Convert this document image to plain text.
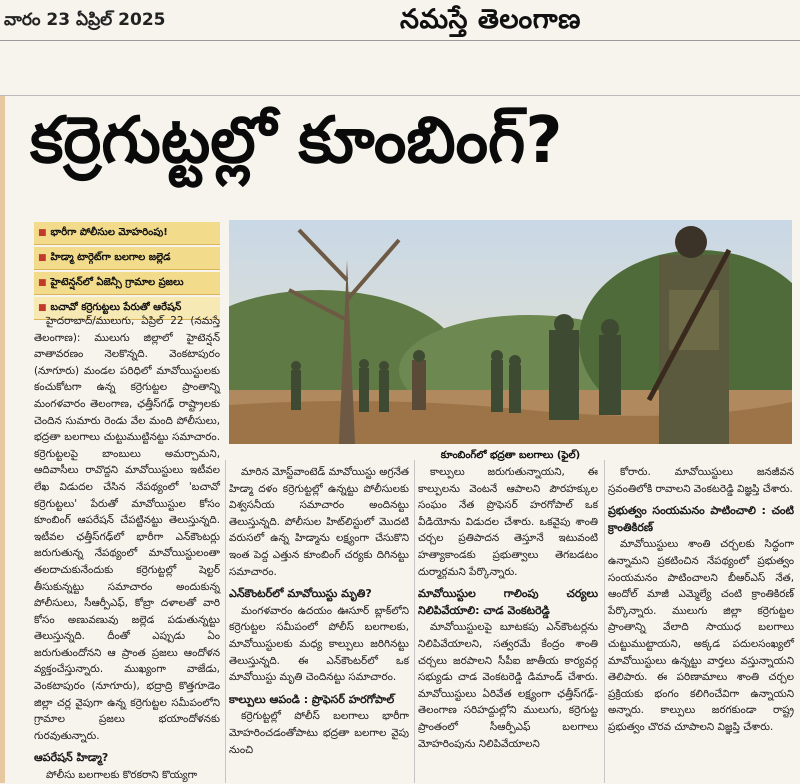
వారం 23 ఏప్రిల్ 2025	నమస్తే తెలంగాణ
కర్రెగుట్టల్లో కూంబింగ్?
■ భారీగా పోలీసుల మోహరింపు!
■ హిడ్మా టార్గెట్‌గా బలగాల జల్లెడ
■ హైటెన్షన్‌లో ఏజెన్సీ గ్రామాల ప్రజలు
■ బచావో కర్రెగుట్టలు పేరుతో ఆరేషన్
కూంబింగ్‌లో భద్రతా బలగాలు (ఫైల్)

హైదరాబాద్/ములుగు, ఏప్రిల్ 22 (నమస్తే తెలంగాణ): ములుగు జిల్లాలో హైటెన్షన్ వాతావరణం నెలకొన్నది. వెంకటాపురం (నూగూరు) మండల పరిధిలో మావోయిస్టులకు కంచుకోటగా ఉన్న కర్రెగుట్టల ప్రాంతాన్ని మంగళవారం తెలంగాణ, ఛత్తీస్‌గఢ్ రాష్ట్రాలకు చెందిన సుమారు రెండు వేల మంది పోలీసులు, భద్రతా బలగాలు చుట్టుముట్టినట్టు సమాచారం. కర్రెగుట్టలపై బాంబులు అమర్చామని, ఆదివాసీలు రావొద్దని మావోయిస్టులు ఇటీవల లేఖ విడుదల చేసిన నేపథ్యంలో 'బచావో కర్రెగుట్టలు' పేరుతో మావోయిస్టుల కోసం కూంబింగ్ ఆపరేషన్ చేపట్టినట్టు తెలుస్తున్నది. ఇటీవల ఛత్తీస్‌గఢ్‌లో భారీగా ఎన్‌కౌంటర్లు జరుగుతున్న నేపథ్యంలో మావోయిస్టులంతా తలదాచుకునేందుకు కర్రెగుట్టల్లో షెల్టర్ తీసుకున్నట్టు సమాచారం అందుకున్న పోలీసులు, సీఆర్పీఎఫ్, కోబ్రా దళాలతో వారి కోసం అణువణువు జల్లెడ పడుతున్నట్టు తెలుస్తున్నది. దీంతో ఎప్పుడు ఏం జరుగుతుందోనని ఆ ప్రాంత ప్రజలు ఆందోళన వ్యక్తంచేస్తున్నారు. ముఖ్యంగా వాజేడు, వెంకటాపురం (నూగూరు), భద్రాద్రి కొత్తగూడెం జిల్లా చర్ల వైపుగా ఉన్న కర్రెగుట్టల సమీపంలోని గ్రామాల ప్రజలు భయాందోళనకు గురవుతున్నారు.

ఆపరేషన్ హిడ్మా?

పోలీసు బలగాలకు కొరకరాని కొయ్యగా

మారిన మోస్ట్‌వాంటెడ్ మావోయిస్టు అగ్రనేత హిడ్మా దళం కర్రెగుట్టల్లో ఉన్నట్టు పోలీసులకు విశ్వసనీయ సమాచారం అందినట్టు తెలుస్తున్నది. పోలీసుల హిట్‌లిస్టులో మొదటి వరుసలో ఉన్న హిడ్మాను లక్ష్యంగా చేసుకొని ఇంత పెద్ద ఎత్తున కూంబింగ్ చర్యకు దిగినట్టు సమాచారం.

ఎన్‌కౌంటర్‌లో మావోయిస్టు మృతి?

మంగళవారం ఉదయం ఊసూర్ బ్లాక్‌లోని కర్రెగుట్టల సమీపంలో పోలీస్ బలగాలకు, మావోయిస్టులకు మధ్య కాల్పులు జరిగినట్టు తెలుస్తున్నది. ఈ ఎన్‌కౌంటర్‌లో ఒక మావోయిస్టు మృతి చెందినట్టు సమాచారం.

కాల్పులు ఆపండి : ప్రొఫెసర్ హరగోపాల్

కర్రెగుట్టల్లో పోలీస్ బలగాలు భారీగా మోహరించడంతోపాటు భద్రతా బలగాల వైపు నుంచి

కాల్పులు జరుగుతున్నాయని, ఈ కాల్పులను వెంటనే ఆపాలని పౌరహక్కుల సంఘం నేత ప్రొఫెసర్ హరగోపాల్ ఒక వీడియోను విడుదల చేశారు. ఒకవైపు శాంతి చర్చల ప్రతిపాదన తెస్తూనే ఇటువంటి హత్యాకాండకు ప్రభుత్వాలు తెగబడటం దుర్మార్గమని పేర్కొన్నారు.

మావోయిస్టుల గాలింపు చర్యలు నిలిపివేయాలి: చాడ వెంకటరెడ్డి

మావోయిస్టులపై బూటకపు ఎన్‌కౌంటర్లను నిలిపివేయాలని, సత్వరమే కేంద్రం శాంతి చర్చలు జరపాలని సీపీఐ జాతీయ కార్యవర్గ సభ్యుడు చాడ వెంకటరెడ్డి డిమాండ్ చేశారు. మావోయిస్టులు ఏరివేత లక్ష్యంగా ఛత్తీస్‌గఢ్-తెలంగాణ సరిహద్దుల్లోని ములుగు, కర్రెగుట్ట ప్రాంతంలో సీఆర్పీఎఫ్ బలగాలు మోహరింపును నిలిపివేయాలని

కోరారు. మావోయిస్టులు జనజీవన స్రవంతిలోకి రావాలని వెంకటరెడ్డి విజ్ఞప్తి చేశారు.

ప్రభుత్వం సంయమనం పాటించాలి : చంటి క్రాంతికిరణ్

మావోయిస్టులు శాంతి చర్చలకు సిద్ధంగా ఉన్నామని ప్రకటించిన నేపథ్యంలో ప్రభుత్వం సంయమనం పాటించాలని బీఆర్ఎస్ నేత, ఆందోల్ మాజీ ఎమ్మెల్యే చంటి క్రాంతికిరణ్ పేర్కొన్నారు. ములుగు జిల్లా కర్రెగుట్టల ప్రాంతాన్ని వేలాది సాయుధ బలగాలు చుట్టుముట్టాయని, అక్కడ పదులసంఖ్యలో మావోయిస్టులు ఉన్నట్టు వార్తలు వస్తున్నాయని తెలిపారు. ఈ పరిణామాలు శాంతి చర్చల ప్రక్రియకు భంగం కలిగించేవిగా ఉన్నాయని అన్నారు. కాల్పులు జరగకుండా రాష్ట్ర ప్రభుత్వం చొరవ చూపాలని విజ్ఞప్తి చేశారు.
